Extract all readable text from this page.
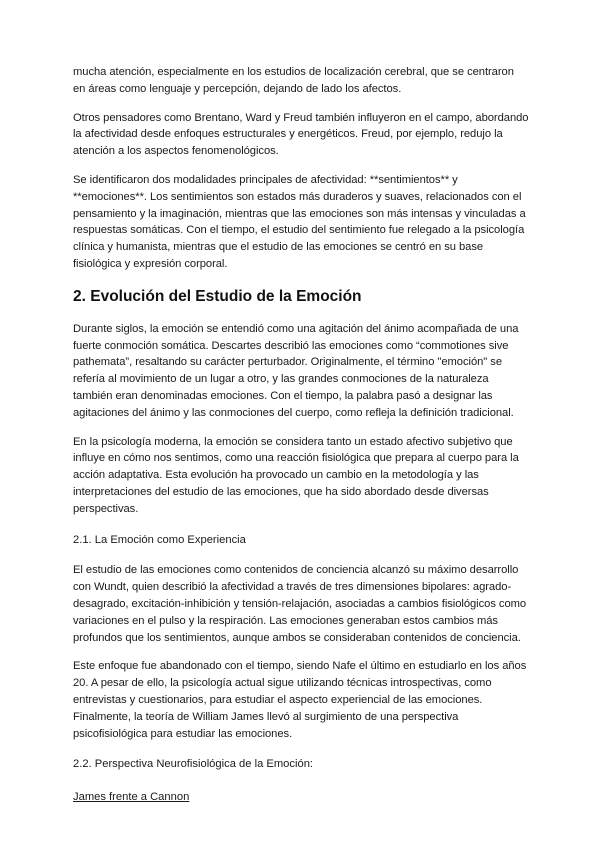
mucha atención, especialmente en los estudios de localización cerebral, que se centraron en áreas como lenguaje y percepción, dejando de lado los afectos.

Otros pensadores como Brentano, Ward y Freud también influyeron en el campo, abordando la afectividad desde enfoques estructurales y energéticos. Freud, por ejemplo, redujo la atención a los aspectos fenomenológicos.

Se identificaron dos modalidades principales de afectividad: **sentimientos** y **emociones**. Los sentimientos son estados más duraderos y suaves, relacionados con el pensamiento y la imaginación, mientras que las emociones son más intensas y vinculadas a respuestas somáticas. Con el tiempo, el estudio del sentimiento fue relegado a la psicología clínica y humanista, mientras que el estudio de las emociones se centró en su base fisiológica y expresión corporal.

2. Evolución del Estudio de la Emoción

Durante siglos, la emoción se entendió como una agitación del ánimo acompañada de una fuerte conmoción somática. Descartes describió las emociones como “commotiones sive pathemata”, resaltando su carácter perturbador. Originalmente, el término "emoción" se refería al movimiento de un lugar a otro, y las grandes conmociones de la naturaleza también eran denominadas emociones. Con el tiempo, la palabra pasó a designar las agitaciones del ánimo y las conmociones del cuerpo, como refleja la definición tradicional.

En la psicología moderna, la emoción se considera tanto un estado afectivo subjetivo que influye en cómo nos sentimos, como una reacción fisiológica que prepara al cuerpo para la acción adaptativa. Esta evolución ha provocado un cambio en la metodología y las interpretaciones del estudio de las emociones, que ha sido abordado desde diversas perspectivas.

2.1. La Emoción como Experiencia

El estudio de las emociones como contenidos de conciencia alcanzó su máximo desarrollo con Wundt, quien describió la afectividad a través de tres dimensiones bipolares: agrado-desagrado, excitación-inhibición y tensión-relajación, asociadas a cambios fisiológicos como variaciones en el pulso y la respiración. Las emociones generaban estos cambios más profundos que los sentimientos, aunque ambos se consideraban contenidos de conciencia.

Este enfoque fue abandonado con el tiempo, siendo Nafe el último en estudiarlo en los años 20. A pesar de ello, la psicología actual sigue utilizando técnicas introspectivas, como entrevistas y cuestionarios, para estudiar el aspecto experiencial de las emociones. Finalmente, la teoría de William James llevó al surgimiento de una perspectiva psicofisiológica para estudiar las emociones.

2.2. Perspectiva Neurofisiológica de la Emoción:
James frente a Cannon
